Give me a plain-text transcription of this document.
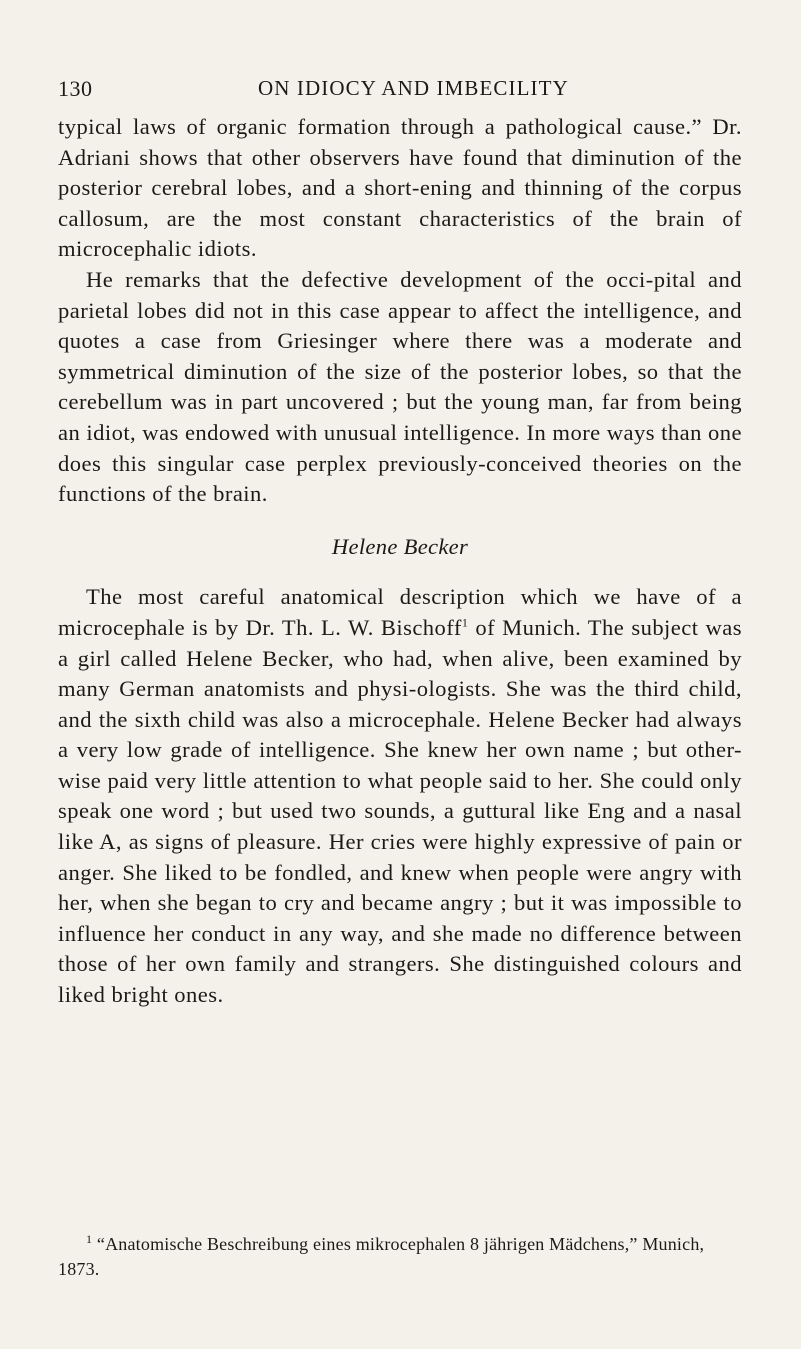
130	ON IDIOCY AND IMBECILITY

typical laws of organic formation through a pathological cause.” Dr. Adriani shows that other observers have found that diminution of the posterior cerebral lobes, and a short-ening and thinning of the corpus callosum, are the most constant characteristics of the brain of microcephalic idiots.

He remarks that the defective development of the occi-pital and parietal lobes did not in this case appear to affect the intelligence, and quotes a case from Griesinger where there was a moderate and symmetrical diminution of the size of the posterior lobes, so that the cerebellum was in part uncovered ; but the young man, far from being an idiot, was endowed with unusual intelligence. In more ways than one does this singular case perplex previously-conceived theories on the functions of the brain.

Helene Becker

The most careful anatomical description which we have of a microcephale is by Dr. Th. L. W. Bischoff$^1$ of Munich. The subject was a girl called Helene Becker, who had, when alive, been examined by many German anatomists and physi-ologists. She was the third child, and the sixth child was also a microcephale. Helene Becker had always a very low grade of intelligence. She knew her own name ; but other-wise paid very little attention to what people said to her. She could only speak one word ; but used two sounds, a guttural like Eng and a nasal like A, as signs of pleasure. Her cries were highly expressive of pain or anger. She liked to be fondled, and knew when people were angry with her, when she began to cry and became angry ; but it was impossible to influence her conduct in any way, and she made no difference between those of her own family and strangers. She distinguished colours and liked bright ones.

$^1$ “Anatomische Beschreibung eines mikrocephalen 8 jährigen Mädchens,” Munich, 1873.
